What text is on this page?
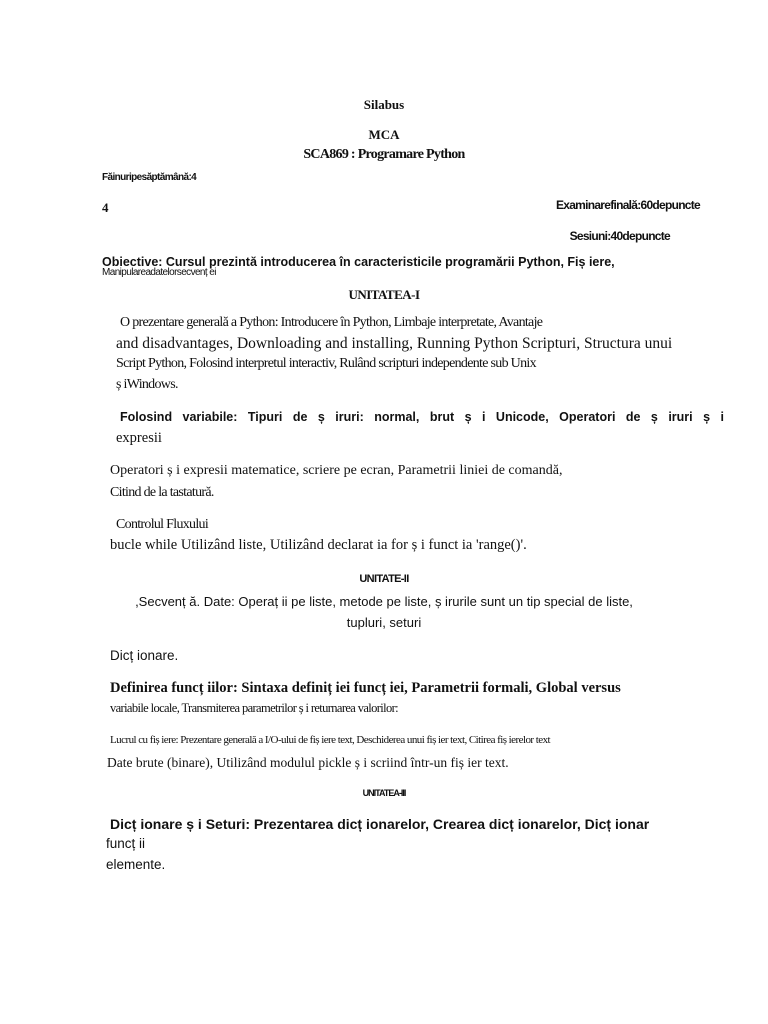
Silabus
MCA
SCA869 : Programare Python
Făinuripesăptămână:4
4	Examinarefinală:60depuncte
Sesiuni:40depuncte
Obiective: Cursul prezintă introducerea în caracteristicile programării Python, Fiș iere,
Manipulareadatelorsecvenț ei
UNITATEA-I
O prezentare generală a Python: Introducere în Python, Limbaje interpretate, Avantaje
and disadvantages, Downloading and installing, Running Python Scripturi, Structura unui
Script Python, Folosind interpretul interactiv, Rulând scripturi independente sub Unix
ș iWindows.
Folosind variabile: Tipuri de ș iruri: normal, brut ș i Unicode, Operatori de ș iruri ș i
expresii
Operatori ș i expresii matematice, scriere pe ecran, Parametrii liniei de comandă,
Citind de la tastatură.
Controlul Fluxului
bucle while Utilizând liste, Utilizând declarat ia for ș i funct ia 'range()'.
UNITATE-II
,Secvenț ă. Date: Operaț ii pe liste, metode pe liste, ș irurile sunt un tip special de liste,
tupluri, seturi
Dicț ionare.
Definirea funcț iilor: Sintaxa definiț iei funcț iei, Parametrii formali, Global versus
variabile locale, Transmiterea parametrilor ș i returnarea valorilor:
Lucrul cu fiș iere: Prezentare generală a I/O-ului de fiș iere text, Deschiderea unui fiș ier text, Citirea fiș ierelor text
Date brute (binare), Utilizând modulul pickle ș i scriind într-un fiș ier text.
UNITATEA-III
Dicț ionare ș i Seturi: Prezentarea dicț ionarelor, Crearea dicț ionarelor, Dicț ionar
funcț ii
elemente.
